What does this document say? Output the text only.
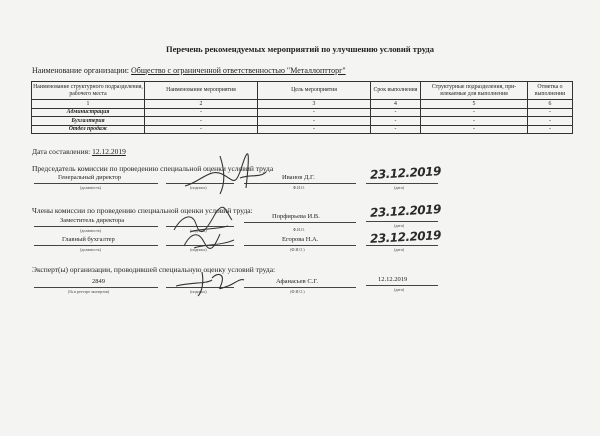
Перечень рекомендуемых мероприятий по улучшению условий труда
Наименование организации: Общество с ограниченной ответственностью "Металлоптторг"
Наименование структурного подразделения, рабочего места	Наименование мероприятия	Цель мероприятия	Срок выполнения	Структурные подразделения, при-влекаемые для выполнения	Отметка о выполнении
1	2	3	4	5	6
Администрация	-	-	-	-	-
Бухгалтерия	-	-	-	-	-
Отдел продаж	-	-	-	-	-
Дата составления: 12.12.2019
Председатель комиссии по проведению специальной оценки условий труда
Генеральный директор
(должность)	(подпись)
Иванов Д.Г.
Ф.И.О.
23.12.2019
(дата)
Члены комиссии по проведению специальной оценки условий труда:
Заместитель директора
(должность)	(подпись)
Порфирьева И.В.
Ф.И.О.
23.12.2019
(дата)
Главный бухгалтер
(должность)	(подпись)
Егорова Н.А.
(Ф.И.О.)
23.12.2019
(дата)
Эксперт(ы) организации, проводившей специальную оценку условий труда:
2849
(№ в реестре экспертов)	(подпись)
Афанасьев С.Г.
(Ф.И.О.)
12.12.2019
(дата)
